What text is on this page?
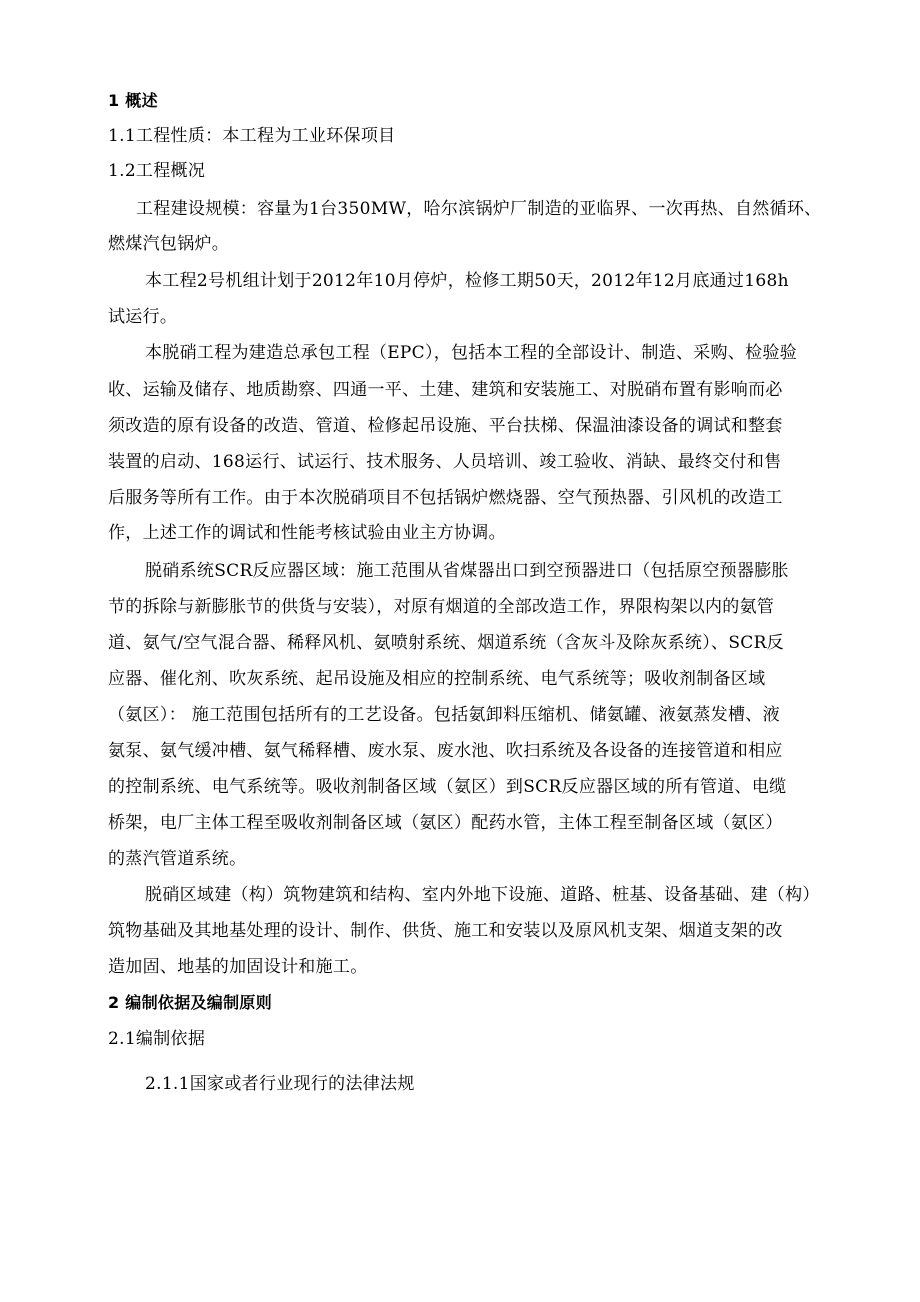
1 概述
1.1工程性质：本工程为工业环保项目
1.2工程概况
工程建设规模：容量为1台350MW，哈尔滨锅炉厂制造的亚临界、一次再热、自然循环、
燃煤汽包锅炉。
本工程2号机组计划于2012年10月停炉，检修工期50天，2012年12月底通过168h
试运行。
本脱硝工程为建造总承包工程（EPC），包括本工程的全部设计、制造、采购、检验验
收、运输及储存、地质勘察、四通一平、土建、建筑和安装施工、对脱硝布置有影响而必
须改造的原有设备的改造、管道、检修起吊设施、平台扶梯、保温油漆设备的调试和整套
装置的启动、168运行、试运行、技术服务、人员培训、竣工验收、消缺、最终交付和售
后服务等所有工作。由于本次脱硝项目不包括锅炉燃烧器、空气预热器、引风机的改造工
作，上述工作的调试和性能考核试验由业主方协调。
脱硝系统SCR反应器区域：施工范围从省煤器出口到空预器进口（包括原空预器膨胀
节的拆除与新膨胀节的供货与安装），对原有烟道的全部改造工作，界限构架以内的氨管
道、氨气/空气混合器、稀释风机、氨喷射系统、烟道系统（含灰斗及除灰系统）、SCR反
应器、催化剂、吹灰系统、起吊设施及相应的控制系统、电气系统等；吸收剂制备区域
（氨区）： 施工范围包括所有的工艺设备。包括氨卸料压缩机、储氨罐、液氨蒸发槽、液
氨泵、氨气缓冲槽、氨气稀释槽、废水泵、废水池、吹扫系统及各设备的连接管道和相应
的控制系统、电气系统等。吸收剂制备区域（氨区）到SCR反应器区域的所有管道、电缆
桥架，电厂主体工程至吸收剂制备区域（氨区）配药水管，主体工程至制备区域（氨区）
的蒸汽管道系统。
脱硝区域建（构）筑物建筑和结构、室内外地下设施、道路、桩基、设备基础、建（构）
筑物基础及其地基处理的设计、制作、供货、施工和安装以及原风机支架、烟道支架的改
造加固、地基的加固设计和施工。
2 编制依据及编制原则
2.1编制依据
2.1.1国家或者行业现行的法律法规
